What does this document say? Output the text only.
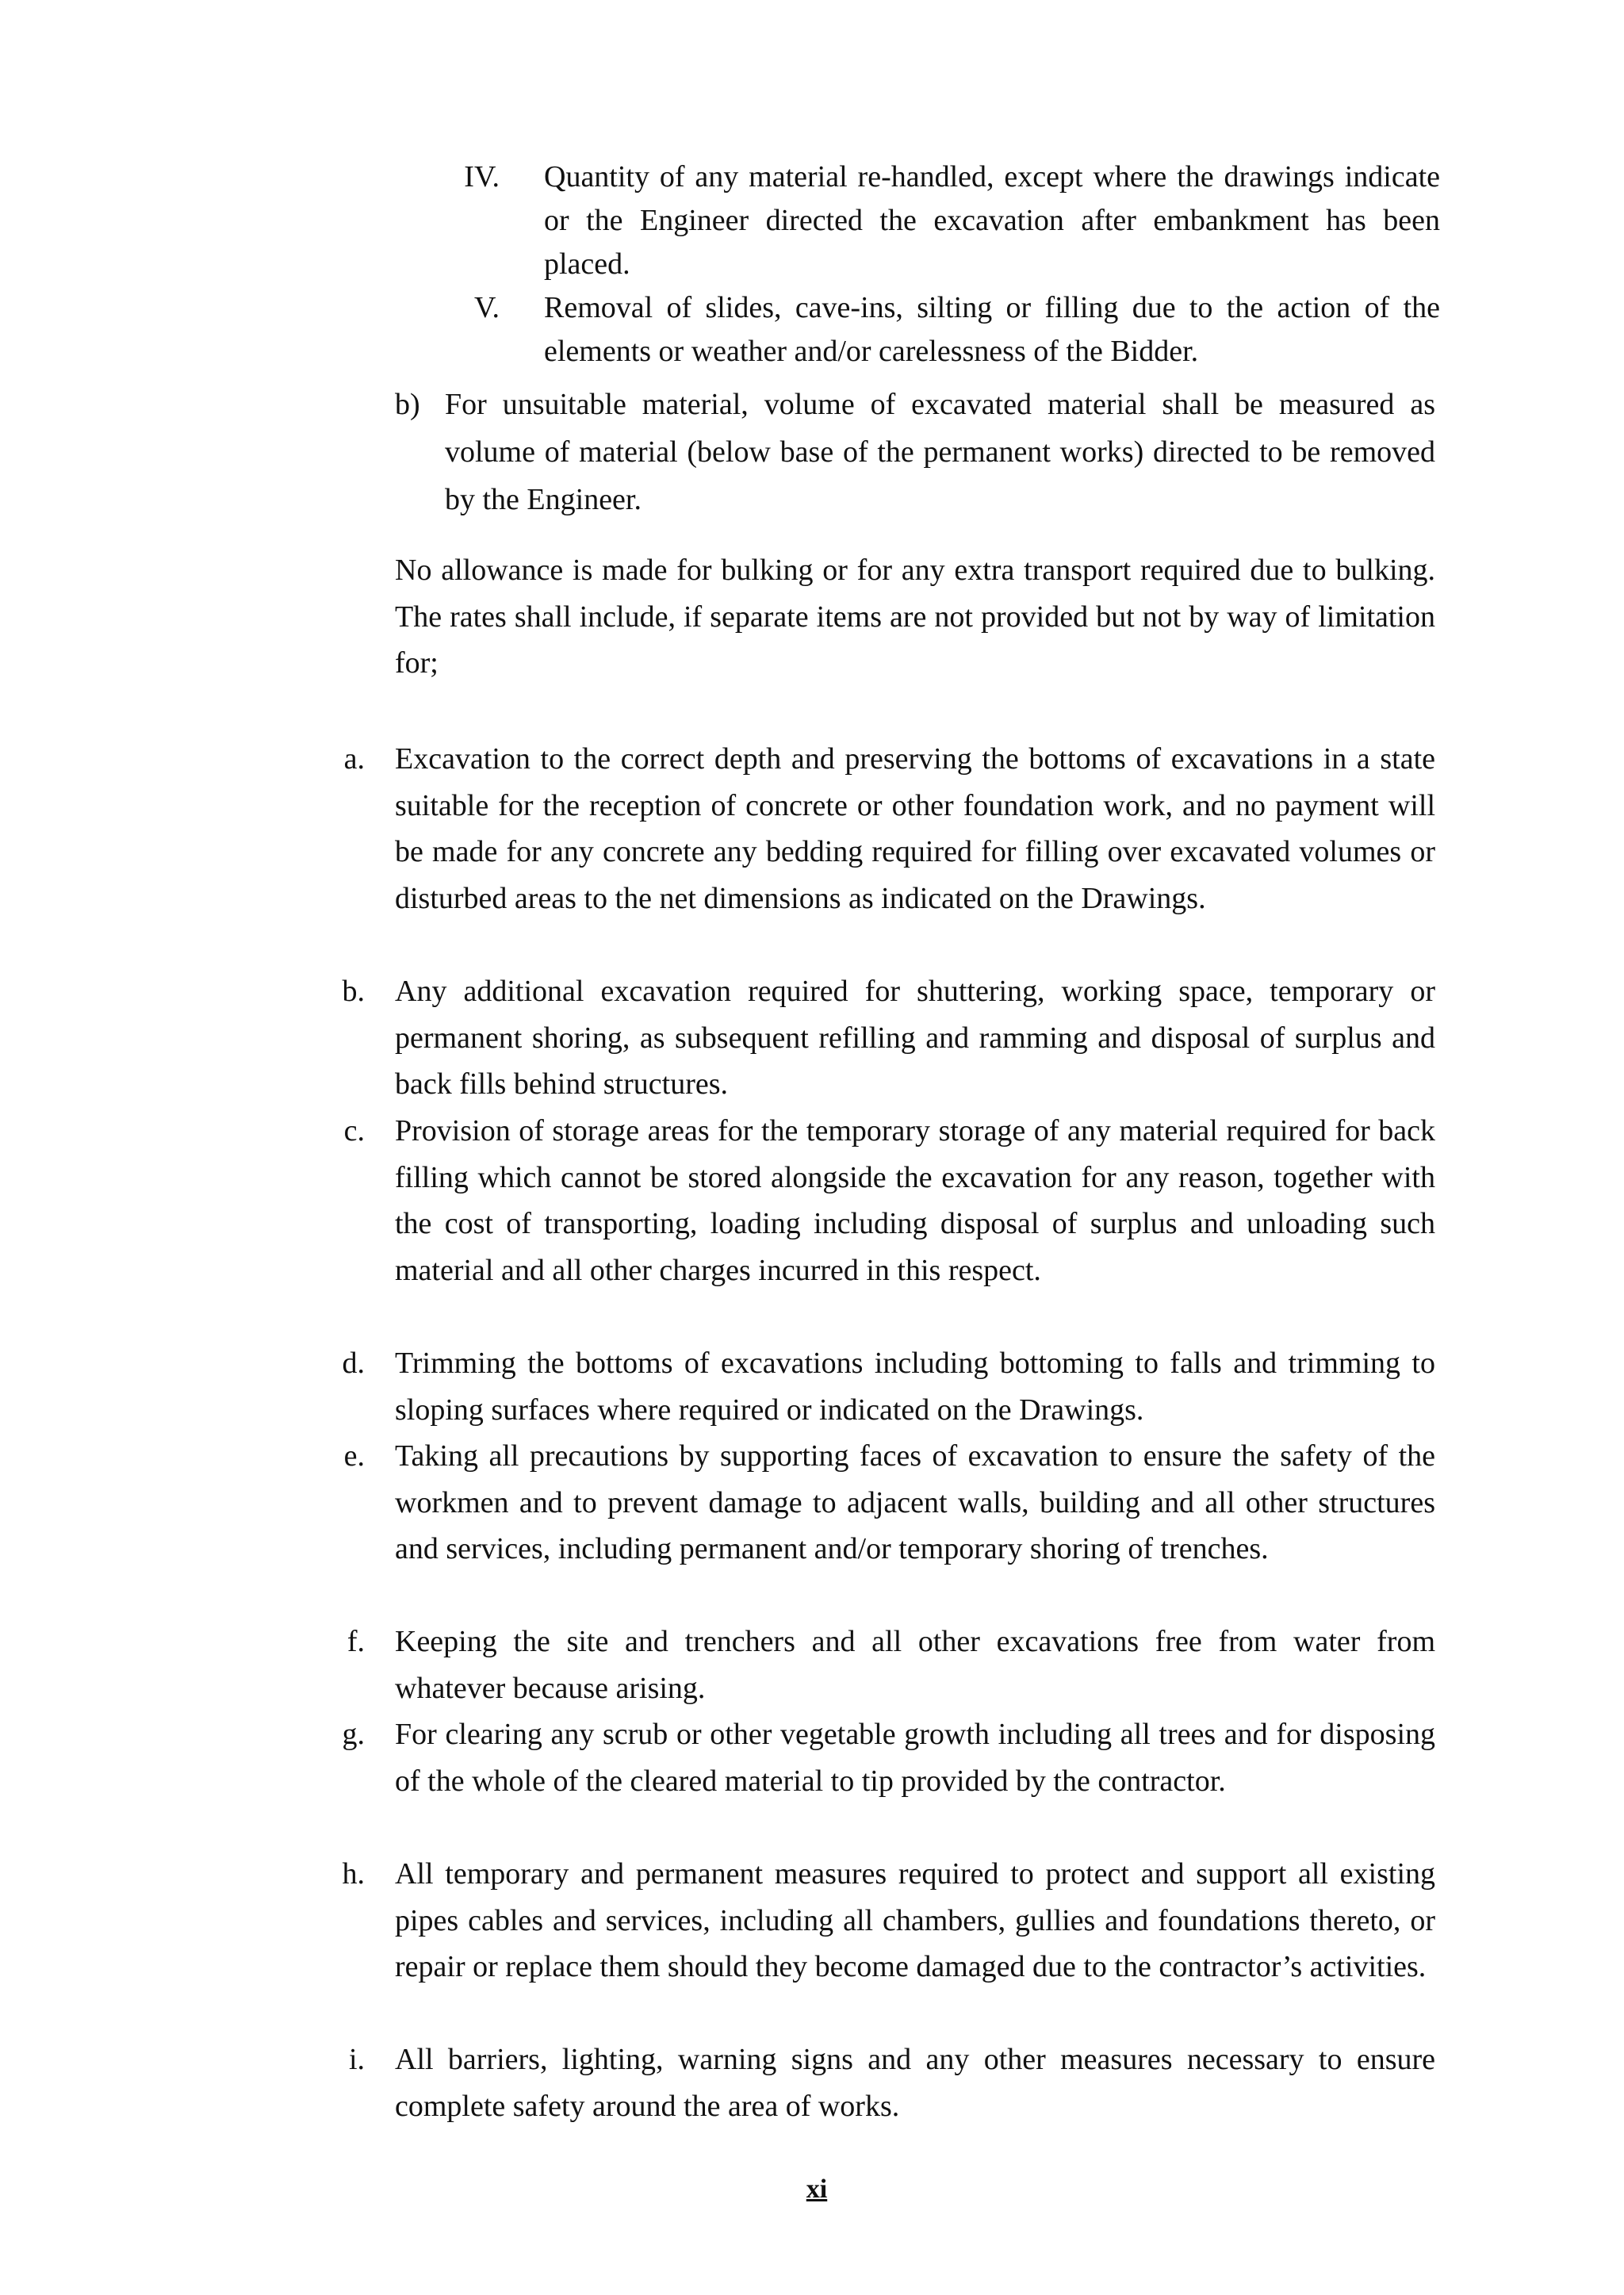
IV. Quantity of any material re-handled, except where the drawings indicate or the Engineer directed the excavation after embankment has been placed.
V. Removal of slides, cave-ins, silting or filling due to the action of the elements or weather and/or carelessness of the Bidder.
b) For unsuitable material, volume of excavated material shall be measured as volume of material (below base of the permanent works) directed to be removed by the Engineer.

No allowance is made for bulking or for any extra transport required due to bulking. The rates shall include, if separate items are not provided but not by way of limitation for;

a. Excavation to the correct depth and preserving the bottoms of excavations in a state suitable for the reception of concrete or other foundation work, and no payment will be made for any concrete any bedding required for filling over excavated volumes or disturbed areas to the net dimensions as indicated on the Drawings.
b. Any additional excavation required for shuttering, working space, temporary or permanent shoring, as subsequent refilling and ramming and disposal of surplus and back fills behind structures.
c. Provision of storage areas for the temporary storage of any material required for back filling which cannot be stored alongside the excavation for any reason, together with the cost of transporting, loading including disposal of surplus and unloading such material and all other charges incurred in this respect.
d. Trimming the bottoms of excavations including bottoming to falls and trimming to sloping surfaces where required or indicated on the Drawings.
e. Taking all precautions by supporting faces of excavation to ensure the safety of the workmen and to prevent damage to adjacent walls, building and all other structures and services, including permanent and/or temporary shoring of trenches.
f. Keeping the site and trenchers and all other excavations free from water from whatever because arising.
g. For clearing any scrub or other vegetable growth including all trees and for disposing of the whole of the cleared material to tip provided by the contractor.
h. All temporary and permanent measures required to protect and support all existing pipes cables and services, including all chambers, gullies and foundations thereto, or repair or replace them should they become damaged due to the contractor’s activities.
i. All barriers, lighting, warning signs and any other measures necessary to ensure complete safety around the area of works.
xi
